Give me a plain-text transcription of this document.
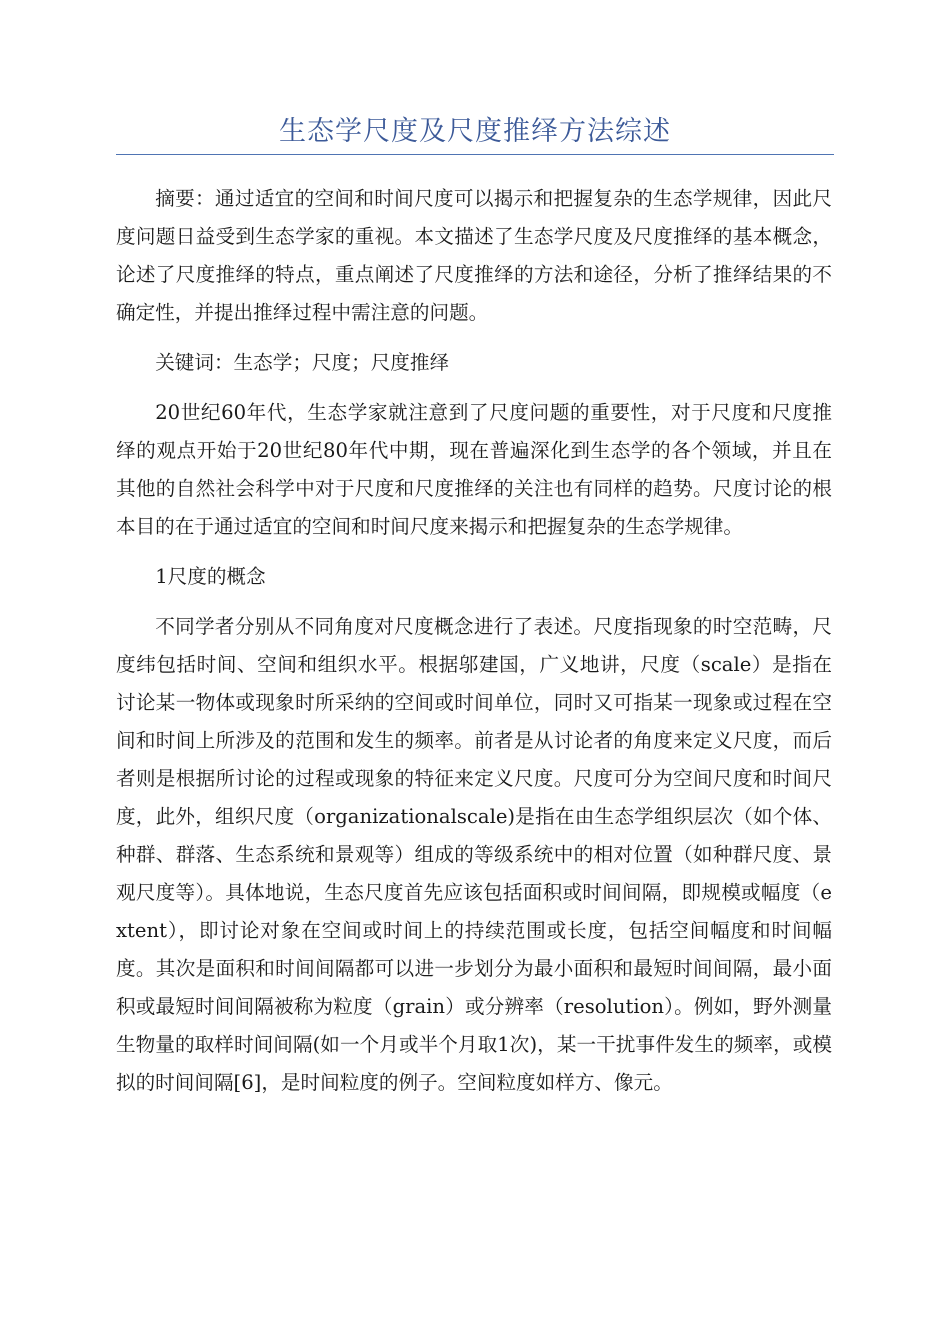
生态学尺度及尺度推绎方法综述

摘要：通过适宜的空间和时间尺度可以揭示和把握复杂的生态学规律，因此尺度问题日益受到生态学家的重视。本文描述了生态学尺度及尺度推绎的基本概念，论述了尺度推绎的特点，重点阐述了尺度推绎的方法和途径，分析了推绎结果的不确定性，并提出推绎过程中需注意的问题。

关键词：生态学；尺度；尺度推绎

20世纪60年代，生态学家就注意到了尺度问题的重要性，对于尺度和尺度推绎的观点开始于20世纪80年代中期，现在普遍深化到生态学的各个领域，并且在其他的自然社会科学中对于尺度和尺度推绎的关注也有同样的趋势。尺度讨论的根本目的在于通过适宜的空间和时间尺度来揭示和把握复杂的生态学规律。

1尺度的概念

不同学者分别从不同角度对尺度概念进行了表述。尺度指现象的时空范畴，尺度纬包括时间、空间和组织水平。根据邬建国，广义地讲，尺度（scale）是指在讨论某一物体或现象时所采纳的空间或时间单位，同时又可指某一现象或过程在空间和时间上所涉及的范围和发生的频率。前者是从讨论者的角度来定义尺度，而后者则是根据所讨论的过程或现象的特征来定义尺度。尺度可分为空间尺度和时间尺度，此外，组织尺度（organizationalscale)是指在由生态学组织层次（如个体、种群、群落、生态系统和景观等）组成的等级系统中的相对位置（如种群尺度、景观尺度等）。具体地说，生态尺度首先应该包括面积或时间间隔，即规模或幅度（extent），即讨论对象在空间或时间上的持续范围或长度，包括空间幅度和时间幅度。其次是面积和时间间隔都可以进一步划分为最小面积和最短时间间隔，最小面积或最短时间间隔被称为粒度（grain）或分辨率（resolution）。例如，野外测量生物量的取样时间间隔(如一个月或半个月取1次)，某一干扰事件发生的频率，或模拟的时间间隔[6]，是时间粒度的例子。空间粒度如样方、像元。
